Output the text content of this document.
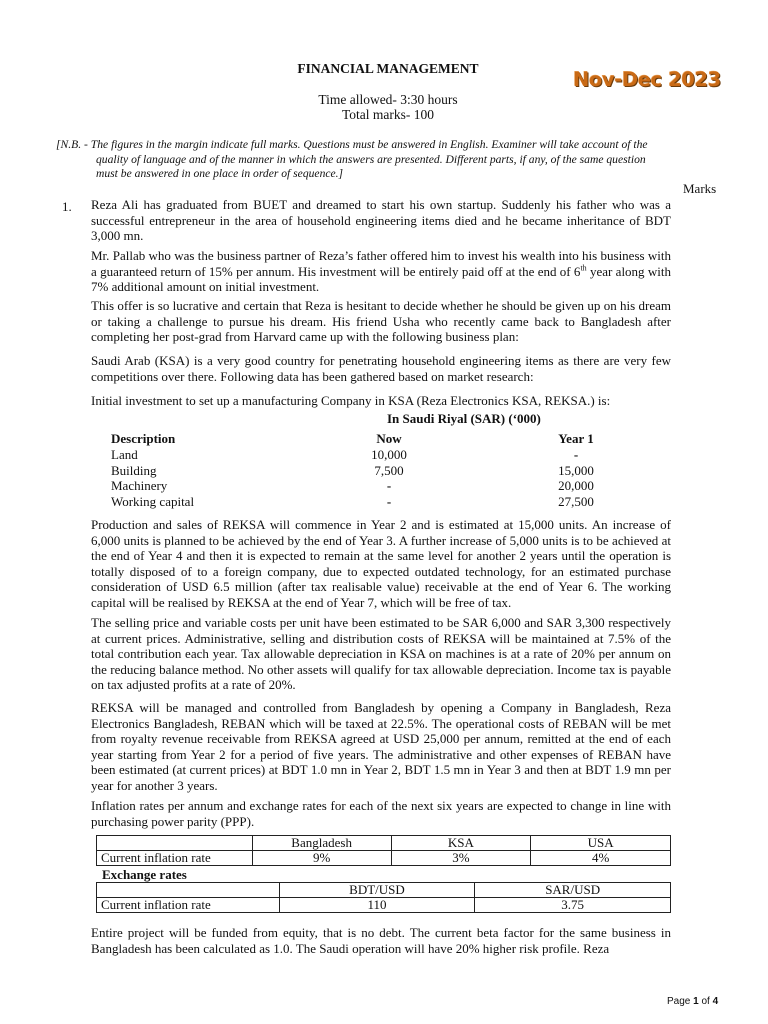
FINANCIAL MANAGEMENT
Time allowed- 3:30 hours
Total marks- 100
Nov-Dec 2023
[N.B. - The figures in the margin indicate full marks. Questions must be answered in English. Examiner will take account of the
quality of language and of the manner in which the answers are presented. Different parts, if any, of the same question
must be answered in one place in order of sequence.]
Marks
1. Reza Ali has graduated from BUET and dreamed to start his own startup. Suddenly his father who was a successful entrepreneur in the area of household engineering items died and he became inheritance of BDT 3,000 mn.
Mr. Pallab who was the business partner of Reza’s father offered him to invest his wealth into his business with a guaranteed return of 15% per annum. His investment will be entirely paid off at the end of 6th year along with 7% additional amount on initial investment.
This offer is so lucrative and certain that Reza is hesitant to decide whether he should be given up on his dream or taking a challenge to pursue his dream. His friend Usha who recently came back to Bangladesh after completing her post-grad from Harvard came up with the following business plan:
Saudi Arab (KSA) is a very good country for penetrating household engineering items as there are very few competitions over there. Following data has been gathered based on market research:
Initial investment to set up a manufacturing Company in KSA (Reza Electronics KSA, REKSA.) is:
In Saudi Riyal (SAR) (‘000)
Description	Now	Year 1
Land	10,000	-
Building	7,500	15,000
Machinery	-	20,000
Working capital	-	27,500
Production and sales of REKSA will commence in Year 2 and is estimated at 15,000 units. An increase of 6,000 units is planned to be achieved by the end of Year 3. A further increase of 5,000 units is to be achieved at the end of Year 4 and then it is expected to remain at the same level for another 2 years until the operation is totally disposed of to a foreign company, due to expected outdated technology, for an estimated purchase consideration of USD 6.5 million (after tax realisable value) receivable at the end of Year 6. The working capital will be realised by REKSA at the end of Year 7, which will be free of tax.
The selling price and variable costs per unit have been estimated to be SAR 6,000 and SAR 3,300 respectively at current prices. Administrative, selling and distribution costs of REKSA will be maintained at 7.5% of the total contribution each year. Tax allowable depreciation in KSA on machines is at a rate of 20% per annum on the reducing balance method. No other assets will qualify for tax allowable depreciation. Income tax is payable on tax adjusted profits at a rate of 20%.
REKSA will be managed and controlled from Bangladesh by opening a Company in Bangladesh, Reza Electronics Bangladesh, REBAN which will be taxed at 22.5%. The operational costs of REBAN will be met from royalty revenue receivable from REKSA agreed at USD 25,000 per annum, remitted at the end of each year starting from Year 2 for a period of five years. The administrative and other expenses of REBAN have been estimated (at current prices) at BDT 1.0 mn in Year 2, BDT 1.5 mn in Year 3 and then at BDT 1.9 mn per year for another 3 years.
Inflation rates per annum and exchange rates for each of the next six years are expected to change in line with purchasing power parity (PPP).
	Bangladesh	KSA	USA
Current inflation rate	9%	3%	4%
Exchange rates
	BDT/USD	SAR/USD
Current inflation rate	110	3.75
Entire project will be funded from equity, that is no debt. The current beta factor for the same business in Bangladesh has been calculated as 1.0. The Saudi operation will have 20% higher risk profile. Reza
Page 1 of 4
